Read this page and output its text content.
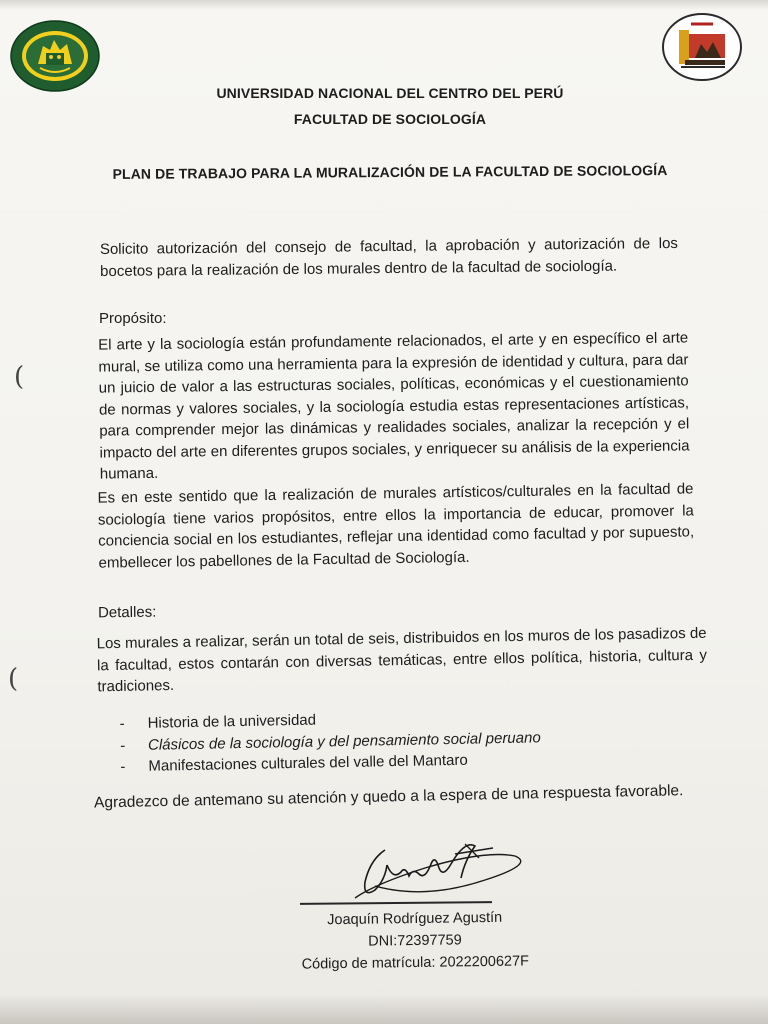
UNIVERSIDAD NACIONAL DEL CENTRO DEL PERÚ
FACULTAD DE SOCIOLOGÍA
PLAN DE TRABAJO PARA LA MURALIZACIÓN DE LA FACULTAD DE SOCIOLOGÍA
Solicito autorización del consejo de facultad, la aprobación y autorización de los bocetos para la realización de los murales dentro de la facultad de sociología.
Propósito:
El arte y la sociología están profundamente relacionados, el arte y en específico el arte mural, se utiliza como una herramienta para la expresión de identidad y cultura, para dar un juicio de valor a las estructuras sociales, políticas, económicas y el cuestionamiento de normas y valores sociales, y la sociología estudia estas representaciones artísticas, para comprender mejor las dinámicas y realidades sociales, analizar la recepción y el impacto del arte en diferentes grupos sociales, y enriquecer su análisis de la experiencia humana.
Es en este sentido que la realización de murales artísticos/culturales en la facultad de sociología tiene varios propósitos, entre ellos la importancia de educar, promover la conciencia social en los estudiantes, reflejar una identidad como facultad y por supuesto, embellecer los pabellones de la Facultad de Sociología.
Detalles:
Los murales a realizar, serán un total de seis, distribuidos en los muros de los pasadizos de la facultad, estos contarán con diversas temáticas, entre ellos política, historia, cultura y tradiciones.
- Historia de la universidad
- Clásicos de la sociología y del pensamiento social peruano
- Manifestaciones culturales del valle del Mantaro
Agradezco de antemano su atención y quedo a la espera de una respuesta favorable.
Joaquín Rodríguez Agustín
DNI:72397759
Código de matrícula: 2022200627F
(
(
